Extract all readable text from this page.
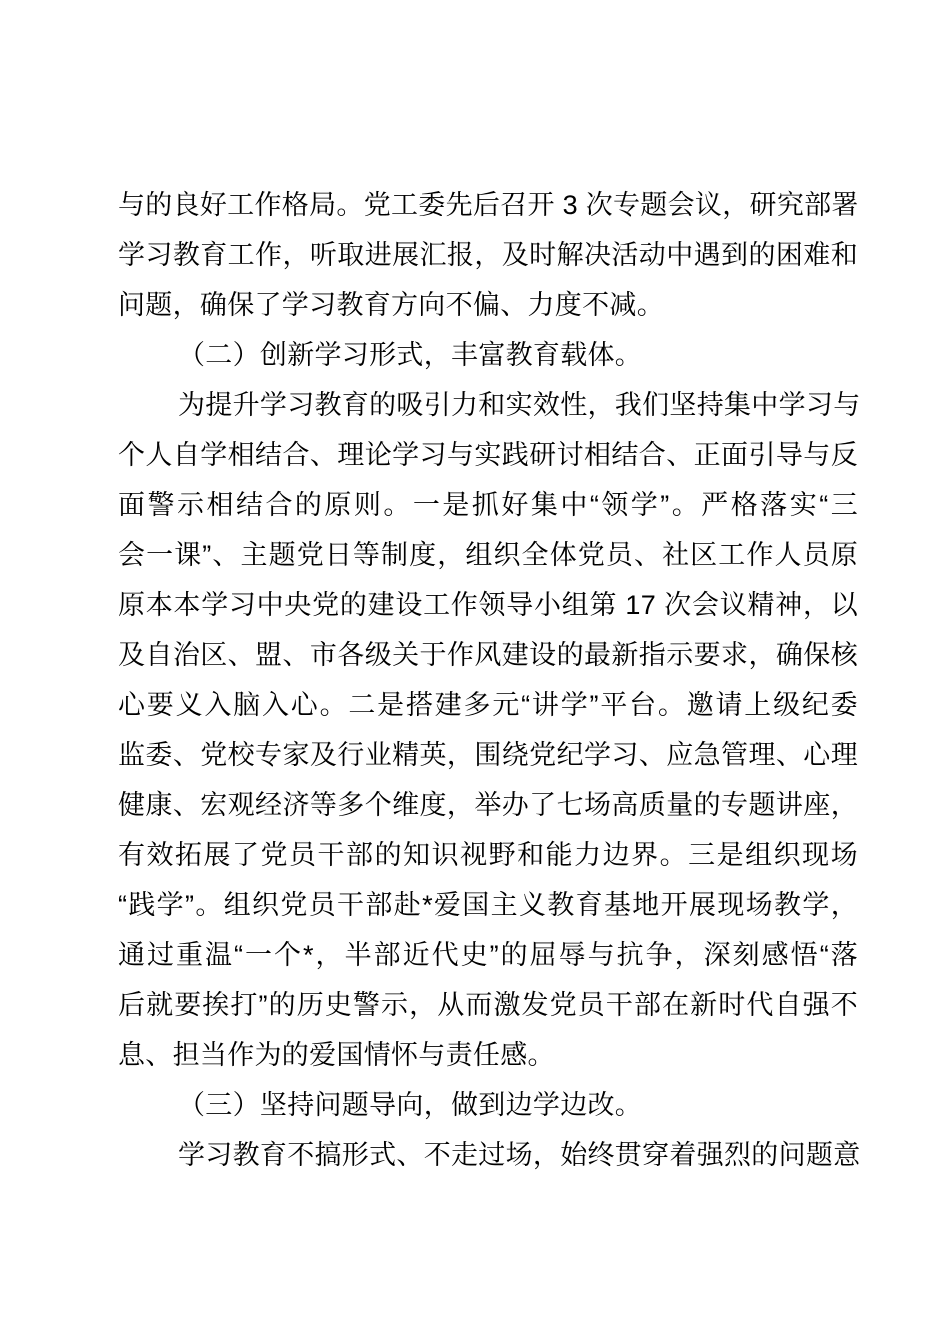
与的良好工作格局。党工委先后召开 3 次专题会议，研究部署
学习教育工作，听取进展汇报，及时解决活动中遇到的困难和
问题，确保了学习教育方向不偏、力度不减。
（二）创新学习形式，丰富教育载体。
为提升学习教育的吸引力和实效性，我们坚持集中学习与
个人自学相结合、理论学习与实践研讨相结合、正面引导与反
面警示相结合的原则。一是抓好集中“领学”。严格落实“三
会一课”、主题党日等制度，组织全体党员、社区工作人员原
原本本学习中央党的建设工作领导小组第 17 次会议精神，以
及自治区、盟、市各级关于作风建设的最新指示要求，确保核
心要义入脑入心。二是搭建多元“讲学”平台。邀请上级纪委
监委、党校专家及行业精英，围绕党纪学习、应急管理、心理
健康、宏观经济等多个维度，举办了七场高质量的专题讲座，
有效拓展了党员干部的知识视野和能力边界。三是组织现场
“践学”。组织党员干部赴*爱国主义教育基地开展现场教学，
通过重温“一个*，半部近代史”的屈辱与抗争，深刻感悟“落
后就要挨打”的历史警示，从而激发党员干部在新时代自强不
息、担当作为的爱国情怀与责任感。
（三）坚持问题导向，做到边学边改。
学习教育不搞形式、不走过场，始终贯穿着强烈的问题意
